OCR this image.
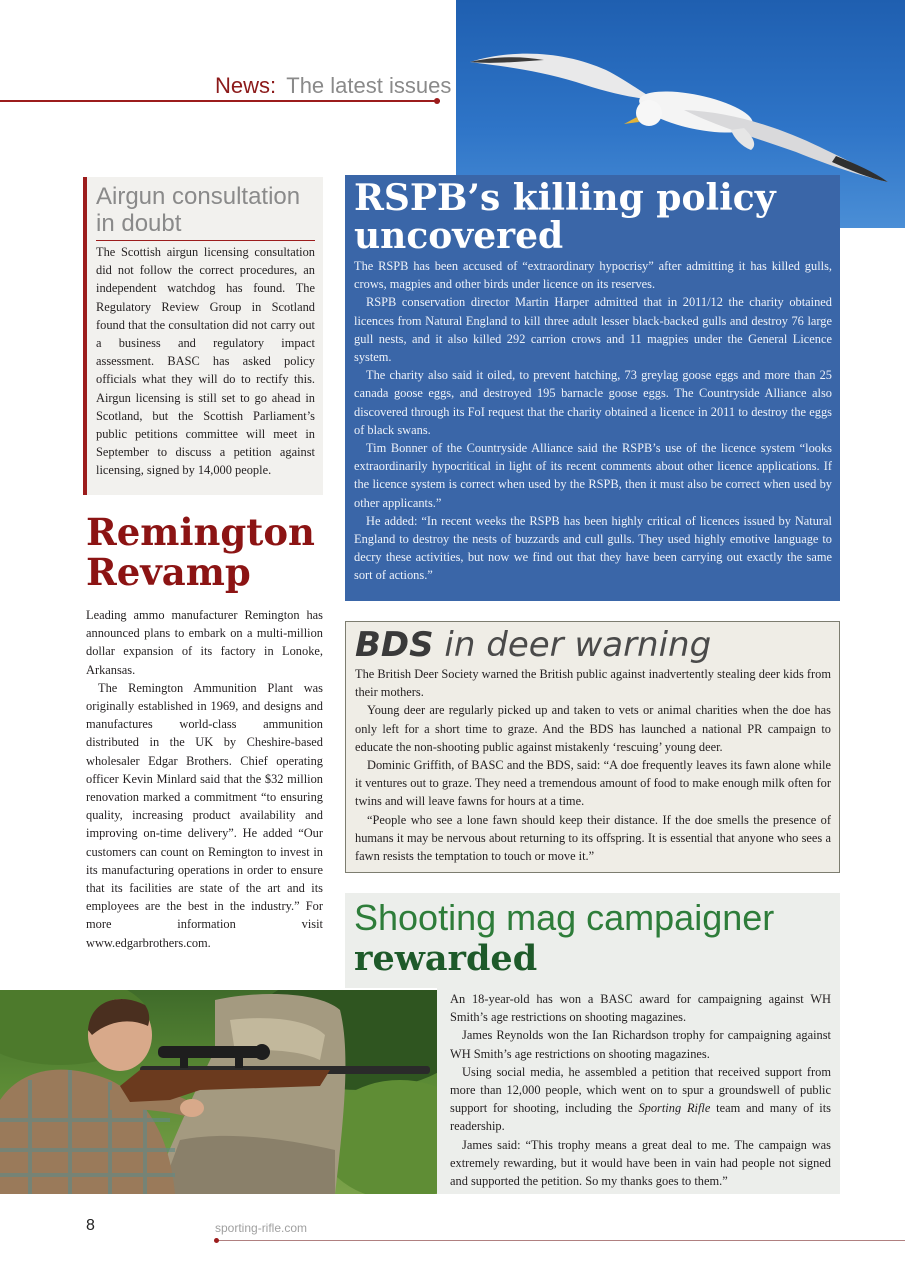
News: The latest issues
Airgun consultation in doubt
The Scottish airgun licensing consultation did not follow the correct procedures, an independent watchdog has found. The Regulatory Review Group in Scotland found that the consultation did not carry out a business and regulatory impact assessment. BASC has asked policy officials what they will do to rectify this. Airgun licensing is still set to go ahead in Scotland, but the Scottish Parliament’s public petitions committee will meet in September to discuss a petition against licensing, signed by 14,000 people.
Remington
Revamp

Leading ammo manufacturer Remington has announced plans to embark on a multi-million dollar expansion of its factory in Lonoke, Arkansas.

The Remington Ammunition Plant was originally established in 1969, and designs and manufactures world-class ammunition distributed in the UK by Cheshire-based wholesaler Edgar Brothers. Chief operating officer Kevin Minlard said that the $32 million renovation marked a commitment “to ensuring quality, increasing product availability and improving on-time delivery”. He added “Our customers can count on Remington to invest in its manufacturing operations in order to ensure that its facilities are state of the art and its employees are the best in the industry.” For more information visit www.edgarbrothers.com.

RSPB’s killing policy uncovered

The RSPB has been accused of “extraordinary hypocrisy” after admitting it has killed gulls, crows, magpies and other birds under licence on its reserves.

RSPB conservation director Martin Harper admitted that in 2011/12 the charity obtained licences from Natural England to kill three adult lesser black-backed gulls and destroy 76 large gull nests, and it also killed 292 carrion crows and 11 magpies under the General Licence system.

The charity also said it oiled, to prevent hatching, 73 greylag goose eggs and more than 25 canada goose eggs, and destroyed 195 barnacle goose eggs. The Countryside Alliance also discovered through its FoI request that the charity obtained a licence in 2011 to destroy the eggs of black swans.

Tim Bonner of the Countryside Alliance said the RSPB’s use of the licence system “looks extraordinarily hypocritical in light of its recent comments about other licence applications. If the licence system is correct when used by the RSPB, then it must also be correct when used by other applicants.”

He added: “In recent weeks the RSPB has been highly critical of licences issued by Natural England to destroy the nests of buzzards and cull gulls. They used highly emotive language to decry these activities, but now we find out that they have been carrying out exactly the same sort of actions.”

BDS in deer warning

The British Deer Society warned the British public against inadvertently stealing deer kids from their mothers.

Young deer are regularly picked up and taken to vets or animal charities when the doe has only left for a short time to graze. And the BDS has launched a national PR campaign to educate the non-shooting public against mistakenly ‘rescuing’ young deer.

Dominic Griffith, of BASC and the BDS, said: “A doe frequently leaves its fawn alone while it ventures out to graze. They need a tremendous amount of food to make enough milk often for twins and will leave fawns for hours at a time.

“People who see a lone fawn should keep their distance. If the doe smells the presence of humans it may be nervous about returning to its offspring. It is essential that anyone who sees a fawn resists the temptation to touch or move it.”

Shooting mag campaigner
rewarded

An 18-year-old has won a BASC award for campaigning against WH Smith’s age restrictions on shooting magazines.

James Reynolds won the Ian Richardson trophy for campaigning against WH Smith’s age restrictions on shooting magazines.

Using social media, he assembled a petition that received support from more than 12,000 people, which went on to spur a groundswell of public support for shooting, including the Sporting Rifle team and many of its readership.

James said: “This trophy means a great deal to me. The campaign was extremely rewarding, but it would have been in vain had people not signed and supported the petition. So my thanks goes to them.”

8	sporting-rifle.com
